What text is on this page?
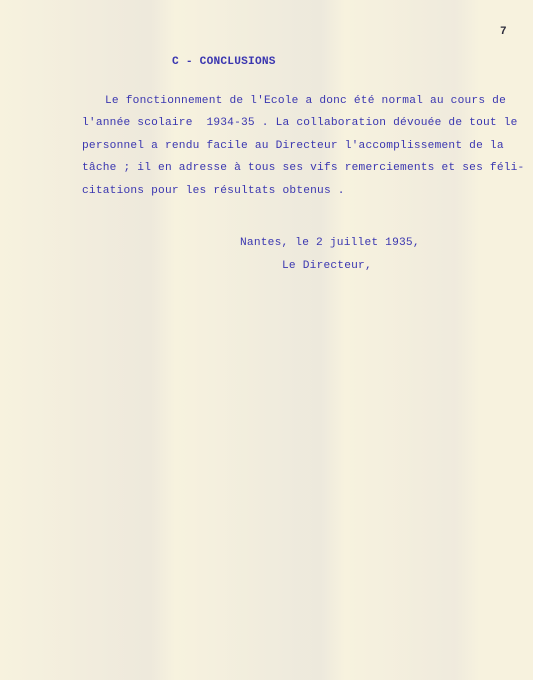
7
C - CONCLUSIONS
Le fonctionnement de l'Ecole a donc été normal au cours de
l'année scolaire  1934-35 . La collaboration dévouée de tout le
personnel a rendu facile au Directeur l'accomplissement de la
tâche ; il en adresse à tous ses vifs remerciements et ses féli-
citations pour les résultats obtenus .
Nantes, le 2 juillet 1935,
Le Directeur,
